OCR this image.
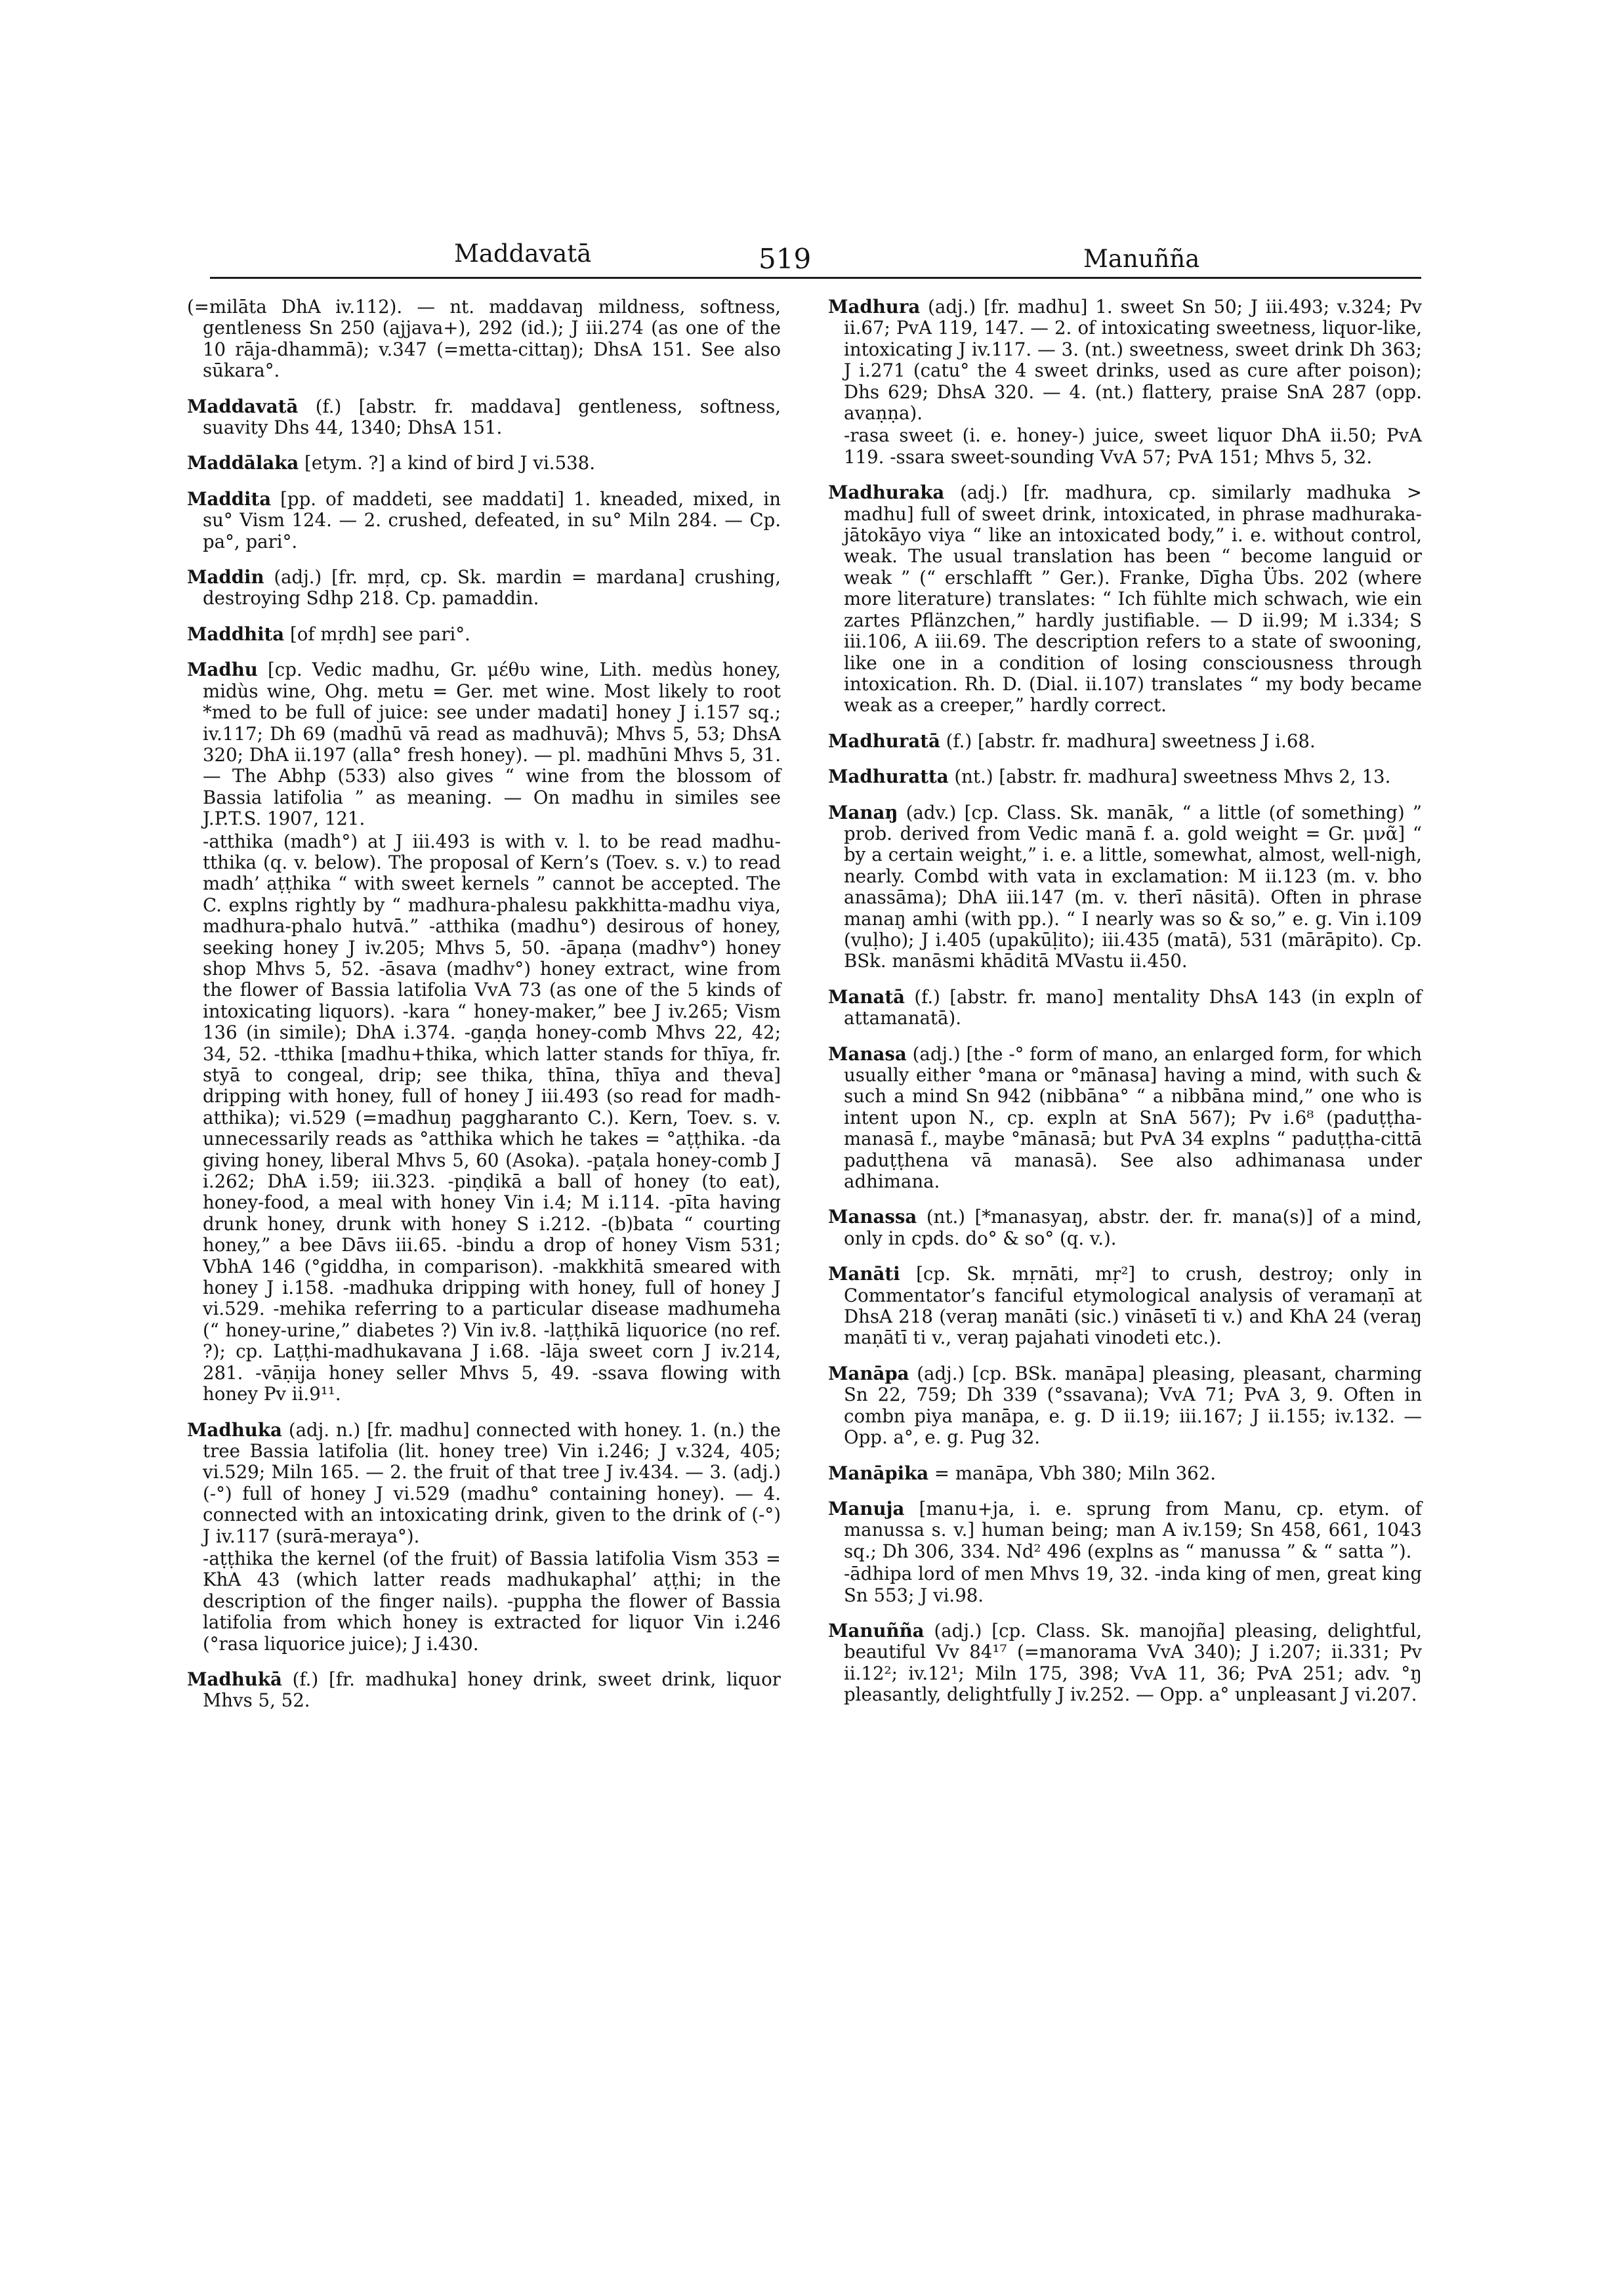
Maddavatā	519	Manuñña
(=milāta DhA iv.112). — nt. maddavaŋ mildness, softness, gentleness Sn 250 (ajjava+), 292 (id.); J iii.274 (as one of the 10 rāja-dhammā); v.347 (=metta-cittaŋ); DhsA 151. See also sūkara°.
Maddavatā (f.) [abstr. fr. maddava] gentleness, softness, suavity Dhs 44, 1340; DhsA 151.
Maddālaka [etym. ?] a kind of bird J vi.538.
Maddita [pp. of maddeti, see maddati] 1. kneaded, mixed, in su° Vism 124. — 2. crushed, defeated, in su° Miln 284. — Cp. pa°, pari°.
Maddin (adj.) [fr. mṛd, cp. Sk. mardin = mardana] crushing, destroying Sdhp 218. Cp. pamaddin.
Maddhita [of mṛdh] see pari°.
Madhu [cp. Vedic madhu, Gr. μέθυ wine, Lith. medùs honey, midùs wine, Ohg. metu = Ger. met wine. Most likely to root *med to be full of juice: see under madati] honey J i.157 sq.; iv.117; Dh 69 (madhū vā read as madhuvā); Mhvs 5, 53; DhsA 320; DhA ii.197 (alla° fresh honey). — pl. madhūni Mhvs 5, 31. — The Abhp (533) also gives “ wine from the blossom of Bassia latifolia ” as meaning. — On madhu in similes see J.P.T.S. 1907, 121.
-atthika (madh°) at J iii.493 is with v. l. to be read madhu-tthika (q. v. below). The proposal of Kern’s (Toev. s. v.) to read madh’ aṭṭhika “ with sweet kernels ” cannot be accepted. The C. explns rightly by “ madhura-phalesu pakkhitta-madhu viya, madhura-phalo hutvā.” -atthika (madhu°) desirous of honey, seeking honey J iv.205; Mhvs 5, 50. -āpaṇa (madhv°) honey shop Mhvs 5, 52. -āsava (madhv°) honey extract, wine from the flower of Bassia latifolia VvA 73 (as one of the 5 kinds of intoxicating liquors). -kara “ honey-maker,” bee J iv.265; Vism 136 (in simile); DhA i.374. -gaṇḍa honey-comb Mhvs 22, 42; 34, 52. -tthika [madhu+thika, which latter stands for thīya, fr. styā to congeal, drip; see thika, thīna, thīya and theva] dripping with honey, full of honey J iii.493 (so read for madh-atthika); vi.529 (=madhuŋ paggharanto C.). Kern, Toev. s. v. unnecessarily reads as °atthika which he takes = °aṭṭhika. -da giving honey, liberal Mhvs 5, 60 (Asoka). -paṭala honey-comb J i.262; DhA i.59; iii.323. -piṇḍikā a ball of honey (to eat), honey-food, a meal with honey Vin i.4; M i.114. -pīta having drunk honey, drunk with honey S i.212. -(b)bata “ courting honey,” a bee Dāvs iii.65. -bindu a drop of honey Vism 531; VbhA 146 (°giddha, in comparison). -makkhitā smeared with honey J i.158. -madhuka dripping with honey, full of honey J vi.529. -mehika referring to a particular disease madhumeha (“ honey-urine,” diabetes ?) Vin iv.8. -laṭṭhikā liquorice (no ref. ?); cp. Laṭṭhi-madhukavana J i.68. -lāja sweet corn J iv.214, 281. -vāṇija honey seller Mhvs 5, 49. -ssava flowing with honey Pv ii.9¹¹.
Madhuka (adj. n.) [fr. madhu] connected with honey. 1. (n.) the tree Bassia latifolia (lit. honey tree) Vin i.246; J v.324, 405; vi.529; Miln 165. — 2. the fruit of that tree J iv.434. — 3. (adj.) (-°) full of honey J vi.529 (madhu° containing honey). — 4. connected with an intoxicating drink, given to the drink of (-°) J iv.117 (surā-meraya°).
-aṭṭhika the kernel (of the fruit) of Bassia latifolia Vism 353 = KhA 43 (which latter reads madhukaphal’ aṭṭhi; in the description of the finger nails). -puppha the flower of Bassia latifolia from which honey is extracted for liquor Vin i.246 (°rasa liquorice juice); J i.430.
Madhukā (f.) [fr. madhuka] honey drink, sweet drink, liquor Mhvs 5, 52.
Madhura (adj.) [fr. madhu] 1. sweet Sn 50; J iii.493; v.324; Pv ii.67; PvA 119, 147. — 2. of intoxicating sweetness, liquor-like, intoxicating J iv.117. — 3. (nt.) sweetness, sweet drink Dh 363; J i.271 (catu° the 4 sweet drinks, used as cure after poison); Dhs 629; DhsA 320. — 4. (nt.) flattery, praise SnA 287 (opp. avaṇṇa).
-rasa sweet (i. e. honey-) juice, sweet liquor DhA ii.50; PvA 119. -ssara sweet-sounding VvA 57; PvA 151; Mhvs 5, 32.
Madhuraka (adj.) [fr. madhura, cp. similarly madhuka > madhu] full of sweet drink, intoxicated, in phrase madhuraka-jātokāyo viya “ like an intoxicated body,” i. e. without control, weak. The usual translation has been “ become languid or weak ” (“ erschlafft ” Ger.). Franke, Dīgha Übs. 202 (where more literature) translates: “ Ich fühlte mich schwach, wie ein zartes Pflänzchen,” hardly justifiable. — D ii.99; M i.334; S iii.106, A iii.69. The description refers to a state of swooning, like one in a condition of losing consciousness through intoxication. Rh. D. (Dial. ii.107) translates “ my body became weak as a creeper,” hardly correct.
Madhuratā (f.) [abstr. fr. madhura] sweetness J i.68.
Madhuratta (nt.) [abstr. fr. madhura] sweetness Mhvs 2, 13.
Manaŋ (adv.) [cp. Class. Sk. manāk, “ a little (of something) ” prob. derived from Vedic manā f. a. gold weight = Gr. μνᾶ] “ by a certain weight,” i. e. a little, somewhat, almost, well-nigh, nearly. Combd with vata in exclamation: M ii.123 (m. v. bho anassāma); DhA iii.147 (m. v. therī nāsitā). Often in phrase manaŋ amhi (with pp.). “ I nearly was so & so,” e. g. Vin i.109 (vuḷho); J i.405 (upakūḷito); iii.435 (matā), 531 (mārāpito). Cp. BSk. manāsmi khāditā MVastu ii.450.
Manatā (f.) [abstr. fr. mano] mentality DhsA 143 (in expln of attamanatā).
Manasa (adj.) [the -° form of mano, an enlarged form, for which usually either °mana or °mānasa] having a mind, with such & such a mind Sn 942 (nibbāna° “ a nibbāna mind,” one who is intent upon N., cp. expln at SnA 567); Pv i.6⁸ (paduṭṭha-manasā f., maybe °mānasā; but PvA 34 explns “ paduṭṭha-cittā paduṭṭhena vā manasā). See also adhimanasa under adhimana.
Manassa (nt.) [*manasyaŋ, abstr. der. fr. mana(s)] of a mind, only in cpds. do° & so° (q. v.).
Manāti [cp. Sk. mṛnāti, mṛ²] to crush, destroy; only in Commentator’s fanciful etymological analysis of veramaṇī at DhsA 218 (veraŋ manāti (sic.) vināsetī ti v.) and KhA 24 (veraŋ maṇātī ti v., veraŋ pajahati vinodeti etc.).
Manāpa (adj.) [cp. BSk. manāpa] pleasing, pleasant, charming Sn 22, 759; Dh 339 (°ssavana); VvA 71; PvA 3, 9. Often in combn piya manāpa, e. g. D ii.19; iii.167; J ii.155; iv.132. — Opp. a°, e. g. Pug 32.
Manāpika = manāpa, Vbh 380; Miln 362.
Manuja [manu+ja, i. e. sprung from Manu, cp. etym. of manussa s. v.] human being; man A iv.159; Sn 458, 661, 1043 sq.; Dh 306, 334. Nd² 496 (explns as “ manussa ” & “ satta ”).
-ādhipa lord of men Mhvs 19, 32. -inda king of men, great king Sn 553; J vi.98.
Manuñña (adj.) [cp. Class. Sk. manojña] pleasing, delightful, beautiful Vv 84¹⁷ (=manorama VvA 340); J i.207; ii.331; Pv ii.12²; iv.12¹; Miln 175, 398; VvA 11, 36; PvA 251; adv. °ŋ pleasantly, delightfully J iv.252. — Opp. a° unpleasant J vi.207.
